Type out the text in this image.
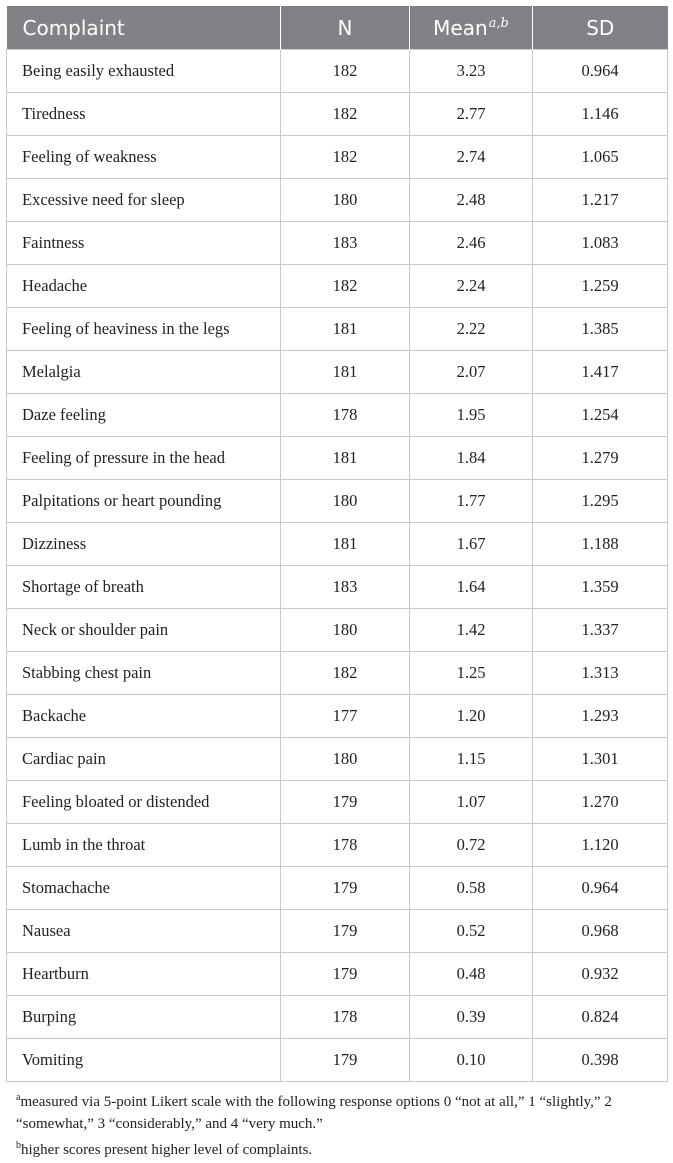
Complaint	N	Mean$^{a,b}$	SD
Being easily exhausted	182	3.23	0.964
Tiredness	182	2.77	1.146
Feeling of weakness	182	2.74	1.065
Excessive need for sleep	180	2.48	1.217
Faintness	183	2.46	1.083
Headache	182	2.24	1.259
Feeling of heaviness in the legs	181	2.22	1.385
Melalgia	181	2.07	1.417
Daze feeling	178	1.95	1.254
Feeling of pressure in the head	181	1.84	1.279
Palpitations or heart pounding	180	1.77	1.295
Dizziness	181	1.67	1.188
Shortage of breath	183	1.64	1.359
Neck or shoulder pain	180	1.42	1.337
Stabbing chest pain	182	1.25	1.313
Backache	177	1.20	1.293
Cardiac pain	180	1.15	1.301
Feeling bloated or distended	179	1.07	1.270
Lumb in the throat	178	0.72	1.120
Stomachache	179	0.58	0.964
Nausea	179	0.52	0.968
Heartburn	179	0.48	0.932
Burping	178	0.39	0.824
Vomiting	179	0.10	0.398

$^a$measured via 5-point Likert scale with the following response options 0 “not at all,” 1 “slightly,” 2 “somewhat,” 3 “considerably,” and 4 “very much.”

$^b$higher scores present higher level of complaints.
